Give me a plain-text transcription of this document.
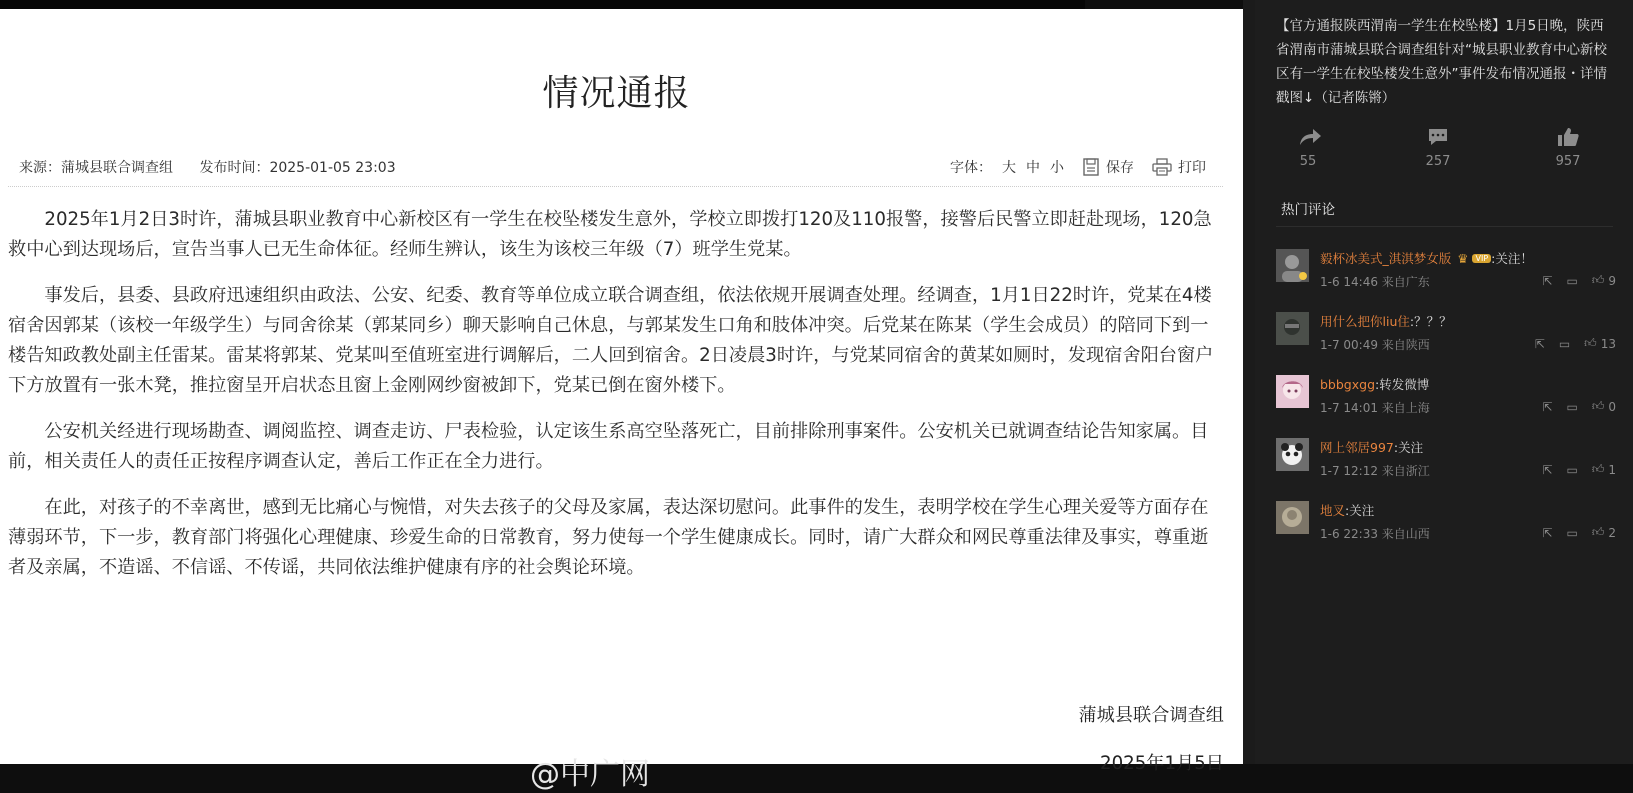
情况通报
来源：蒲城县联合调查组 发布时间：2025-01-05 23:03	字体： 大 中 小	保存	打印

2025年1月2日3时许，蒲城县职业教育中心新校区有一学生在校坠楼发生意外，学校立即拨打120及110报警，接警后民警立即赶赴现场，120急救中心到达现场后，宣告当事人已无生命体征。经师生辨认，该生为该校三年级（7）班学生党某。

事发后，县委、县政府迅速组织由政法、公安、纪委、教育等单位成立联合调查组，依法依规开展调查处理。经调查，1月1日22时许，党某在4楼宿舍因郭某（该校一年级学生）与同舍徐某（郭某同乡）聊天影响自己休息，与郭某发生口角和肢体冲突。后党某在陈某（学生会成员）的陪同下到一楼告知政教处副主任雷某。雷某将郭某、党某叫至值班室进行调解后，二人回到宿舍。2日凌晨3时许，与党某同宿舍的黄某如厕时，发现宿舍阳台窗户下方放置有一张木凳，推拉窗呈开启状态且窗上金刚网纱窗被卸下，党某已倒在窗外楼下。

公安机关经进行现场勘查、调阅监控、调查走访、尸表检验，认定该生系高空坠落死亡，目前排除刑事案件。公安机关已就调查结论告知家属。目前，相关责任人的责任正按程序调查认定，善后工作正在全力进行。

在此，对孩子的不幸离世，感到无比痛心与惋惜，对失去孩子的父母及家属，表达深切慰问。此事件的发生，表明学校在学生心理关爱等方面存在薄弱环节，下一步，教育部门将强化心理健康、珍爱生命的日常教育，努力使每一个学生健康成长。同时，请广大群众和网民尊重法律及事实，尊重逝者及亲属，不造谣、不信谣、不传谣，共同依法维护健康有序的社会舆论环境。

蒲城县联合调查组
@中广网	2025年1月5日
【官方通报陕西渭南一学生在校坠楼】1月5日晚，陕西省渭南市蒲城县联合调查组针对“城县职业教育中心新校区有一学生在校坠楼发生意外”事件发布情况通报・详情戳图↓（记者陈锵）
55	257	957
热门评论
毅杯冰美式_淇淇梦女版 ♛ VIP :关注！
1-6 14:46 来自广东	⇱ ▭ 👍︎ 9
用什么把你liu住:？？？
1-7 00:49 来自陕西	⇱ ▭ 👍︎ 13
bbbgxgg:转发微博
1-7 14:01 来自上海	⇱ ▭ 👍︎ 0
网上邻居997:关注
1-7 12:12 来自浙江	⇱ ▭ 👍︎ 1
地叉:关注
1-6 22:33 来自山西	⇱ ▭ 👍︎ 2
